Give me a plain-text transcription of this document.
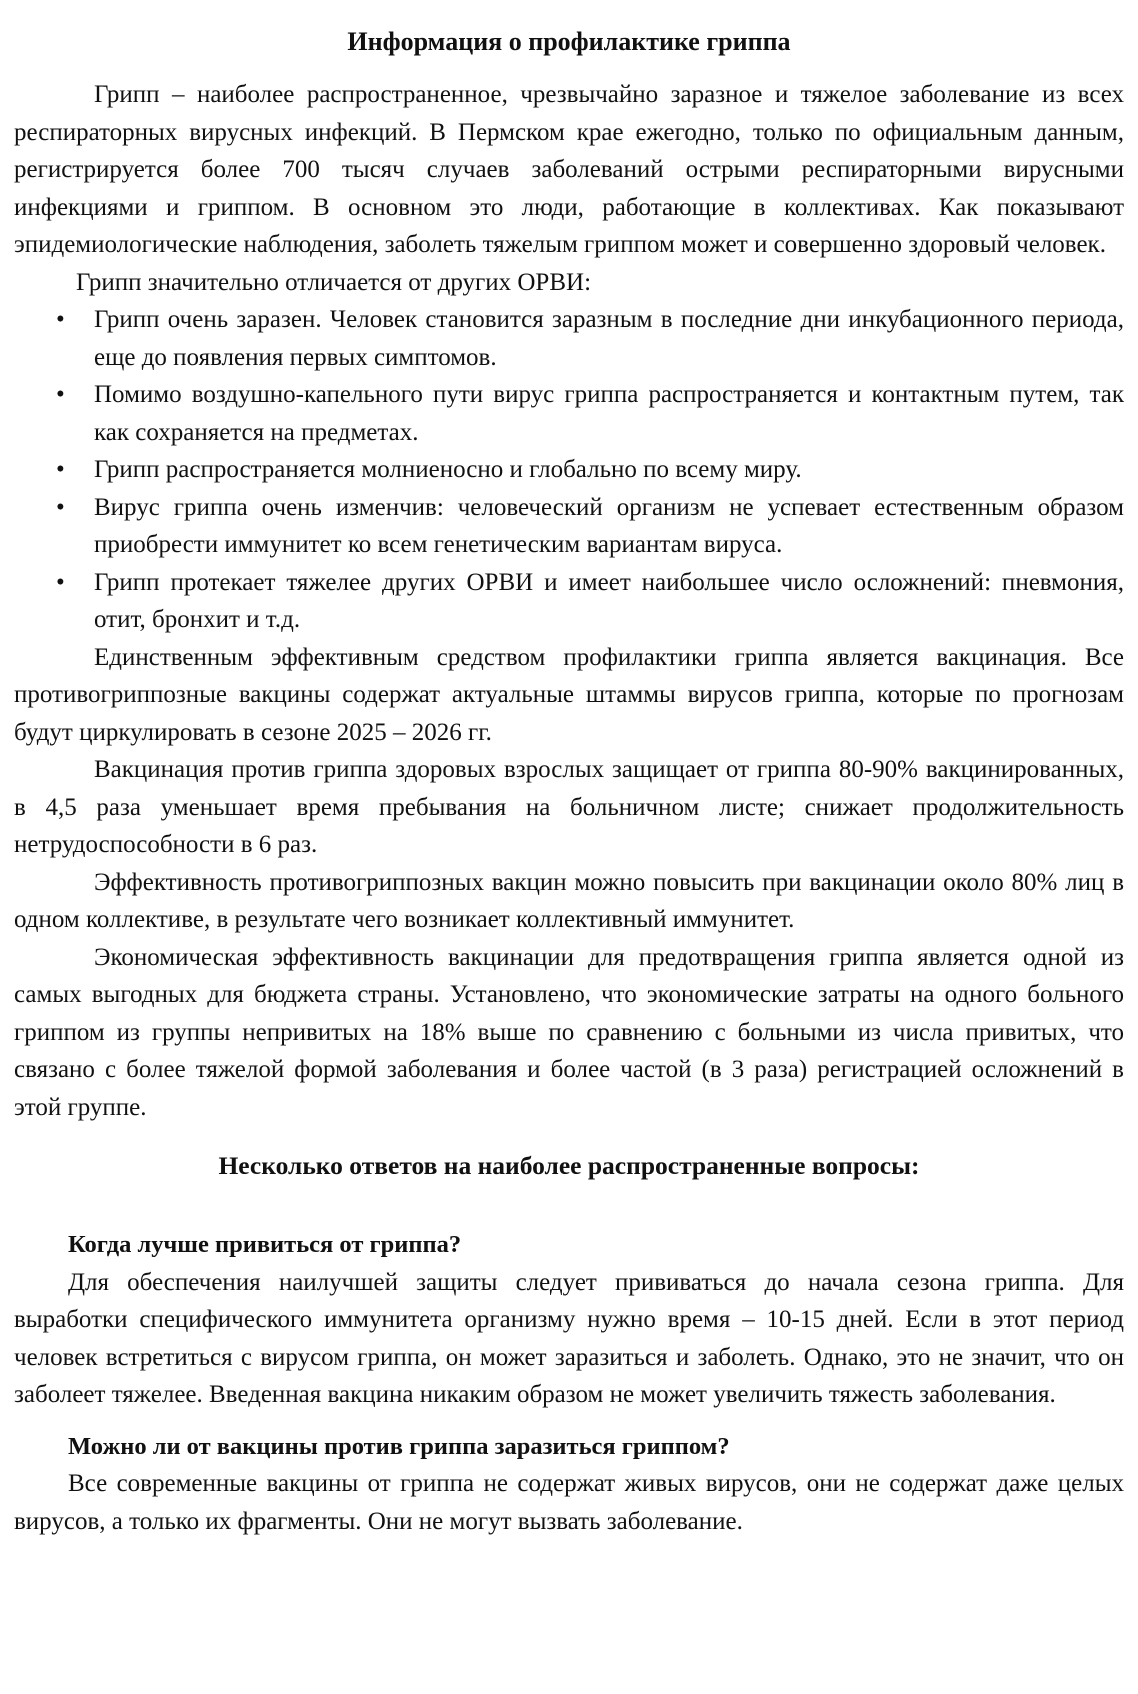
Информация о профилактике гриппа

Грипп – наиболее распространенное, чрезвычайно заразное и тяжелое заболевание из всех респираторных вирусных инфекций. В Пермском крае ежегодно, только по официальным данным, регистрируется более 700 тысяч случаев заболеваний острыми респираторными вирусными инфекциями и гриппом. В основном это люди, работающие в коллективах. Как показывают эпидемиологические наблюдения, заболеть тяжелым гриппом может и совершенно здоровый человек.

Грипп значительно отличается от других ОРВИ:

• Грипп очень заразен. Человек становится заразным в последние дни инкубационного периода, еще до появления первых симптомов.
• Помимо воздушно-капельного пути вирус гриппа распространяется и контактным путем, так как сохраняется на предметах.
• Грипп распространяется молниеносно и глобально по всему миру.
• Вирус гриппа очень изменчив: человеческий организм не успевает естественным образом приобрести иммунитет ко всем генетическим вариантам вируса.
• Грипп протекает тяжелее других ОРВИ и имеет наибольшее число осложнений: пневмония, отит, бронхит и т.д.

Единственным эффективным средством профилактики гриппа является вакцинация. Все противогриппозные вакцины содержат актуальные штаммы вирусов гриппа, которые по прогнозам будут циркулировать в сезоне 2025 – 2026 гг.

Вакцинация против гриппа здоровых взрослых защищает от гриппа 80-90% вакцинированных, в 4,5 раза уменьшает время пребывания на больничном листе; снижает продолжительность нетрудоспособности в 6 раз.

Эффективность противогриппозных вакцин можно повысить при вакцинации около 80% лиц в одном коллективе, в результате чего возникает коллективный иммунитет.

Экономическая эффективность вакцинации для предотвращения гриппа является одной из самых выгодных для бюджета страны. Установлено, что экономические затраты на одного больного гриппом из группы непривитых на 18% выше по сравнению с больными из числа привитых, что связано с более тяжелой формой заболевания и более частой (в 3 раза) регистрацией осложнений в этой группе.

Несколько ответов на наиболее распространенные вопросы:

Когда лучше привиться от гриппа?

Для обеспечения наилучшей защиты следует прививаться до начала сезона гриппа. Для выработки специфического иммунитета организму нужно время – 10-15 дней. Если в этот период человек встретиться с вирусом гриппа, он может заразиться и заболеть. Однако, это не значит, что он заболеет тяжелее. Введенная вакцина никаким образом не может увеличить тяжесть заболевания.

Можно ли от вакцины против гриппа заразиться гриппом?

Все современные вакцины от гриппа не содержат живых вирусов, они не содержат даже целых вирусов, а только их фрагменты. Они не могут вызвать заболевание.
